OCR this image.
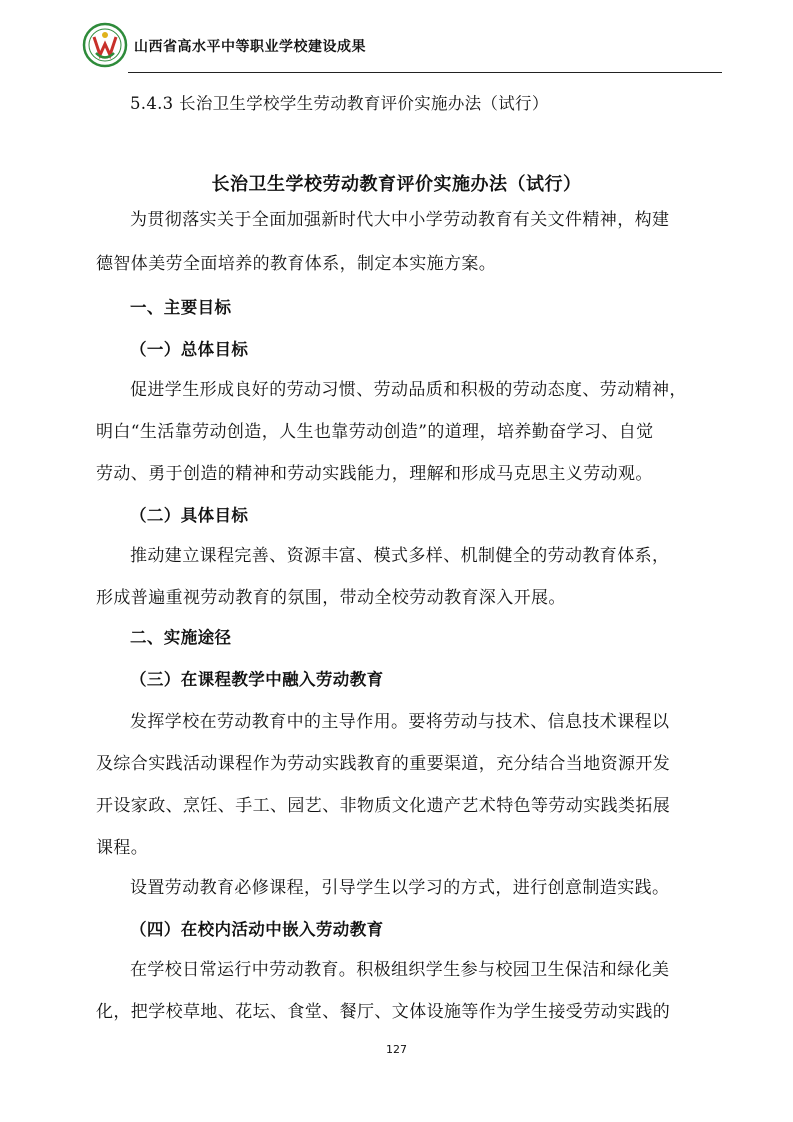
山西省高水平中等职业学校建设成果
5.4.3 长治卫生学校学生劳动教育评价实施办法（试行）
长治卫生学校劳动教育评价实施办法（试行）
为贯彻落实关于全面加强新时代大中小学劳动教育有关文件精神，构建
德智体美劳全面培养的教育体系，制定本实施方案。
一、主要目标
（一）总体目标
促进学生形成良好的劳动习惯、劳动品质和积极的劳动态度、劳动精神，
明白“生活靠劳动创造，人生也靠劳动创造”的道理，培养勤奋学习、自觉
劳动、勇于创造的精神和劳动实践能力，理解和形成马克思主义劳动观。
（二）具体目标
推动建立课程完善、资源丰富、模式多样、机制健全的劳动教育体系，
形成普遍重视劳动教育的氛围，带动全校劳动教育深入开展。
二、实施途径
（三）在课程教学中融入劳动教育
发挥学校在劳动教育中的主导作用。要将劳动与技术、信息技术课程以
及综合实践活动课程作为劳动实践教育的重要渠道，充分结合当地资源开发
开设家政、烹饪、手工、园艺、非物质文化遗产艺术特色等劳动实践类拓展
课程。
设置劳动教育必修课程，引导学生以学习的方式，进行创意制造实践。
（四）在校内活动中嵌入劳动教育
在学校日常运行中劳动教育。积极组织学生参与校园卫生保洁和绿化美
化，把学校草地、花坛、食堂、餐厅、文体设施等作为学生接受劳动实践的
127
